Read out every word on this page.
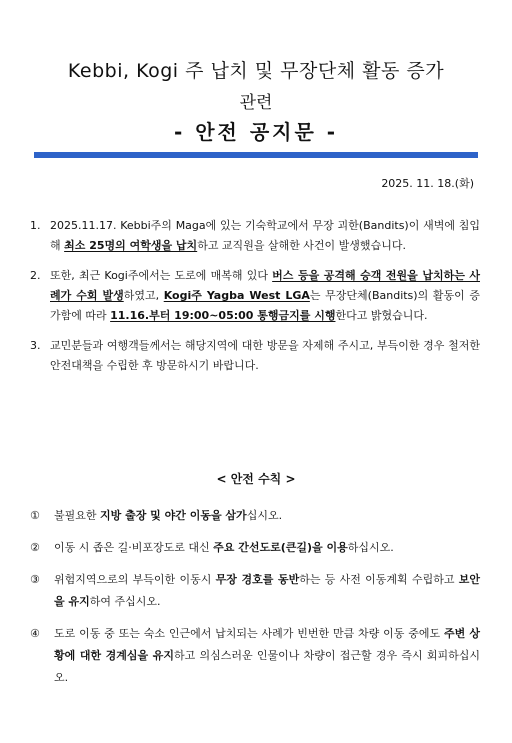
Kebbi, Kogi 주 납치 및 무장단체 활동 증가
관련
- 안전 공지문 -
2025. 11. 18.(화)
1. 2025.11.17. Kebbi주의 Maga에 있는 기숙학교에서 무장 괴한(Bandits)이 새벽에 침입해 최소 25명의 여학생을 납치하고 교직원을 살해한 사건이 발생했습니다.
2. 또한, 최근 Kogi주에서는 도로에 매복해 있다 버스 등을 공격해 승객 전원을 납치하는 사례가 수회 발생하였고, Kogi주 Yagba West LGA는 무장단체(Bandits)의 활동이 증가함에 따라 11.16.부터 19:00~05:00 통행금지를 시행한다고 밝혔습니다.
3. 교민분들과 여행객들께서는 해당지역에 대한 방문을 자제해 주시고, 부득이한 경우 철저한 안전대책을 수립한 후 방문하시기 바랍니다.
< 안전 수칙 >
①	불필요한 지방 출장 및 야간 이동을 삼가십시오.
②	이동 시 좁은 길·비포장도로 대신 주요 간선도로(큰길)을 이용하십시오.
③	위험지역으로의 부득이한 이동시 무장 경호를 동반하는 등 사전 이동계획 수립하고 보안을 유지하여 주십시오.
④	도로 이동 중 또는 숙소 인근에서 납치되는 사례가 빈번한 만큼 차량 이동 중에도 주변 상황에 대한 경계심을 유지하고 의심스러운 인물이나 차량이 접근할 경우 즉시 회피하십시오.
